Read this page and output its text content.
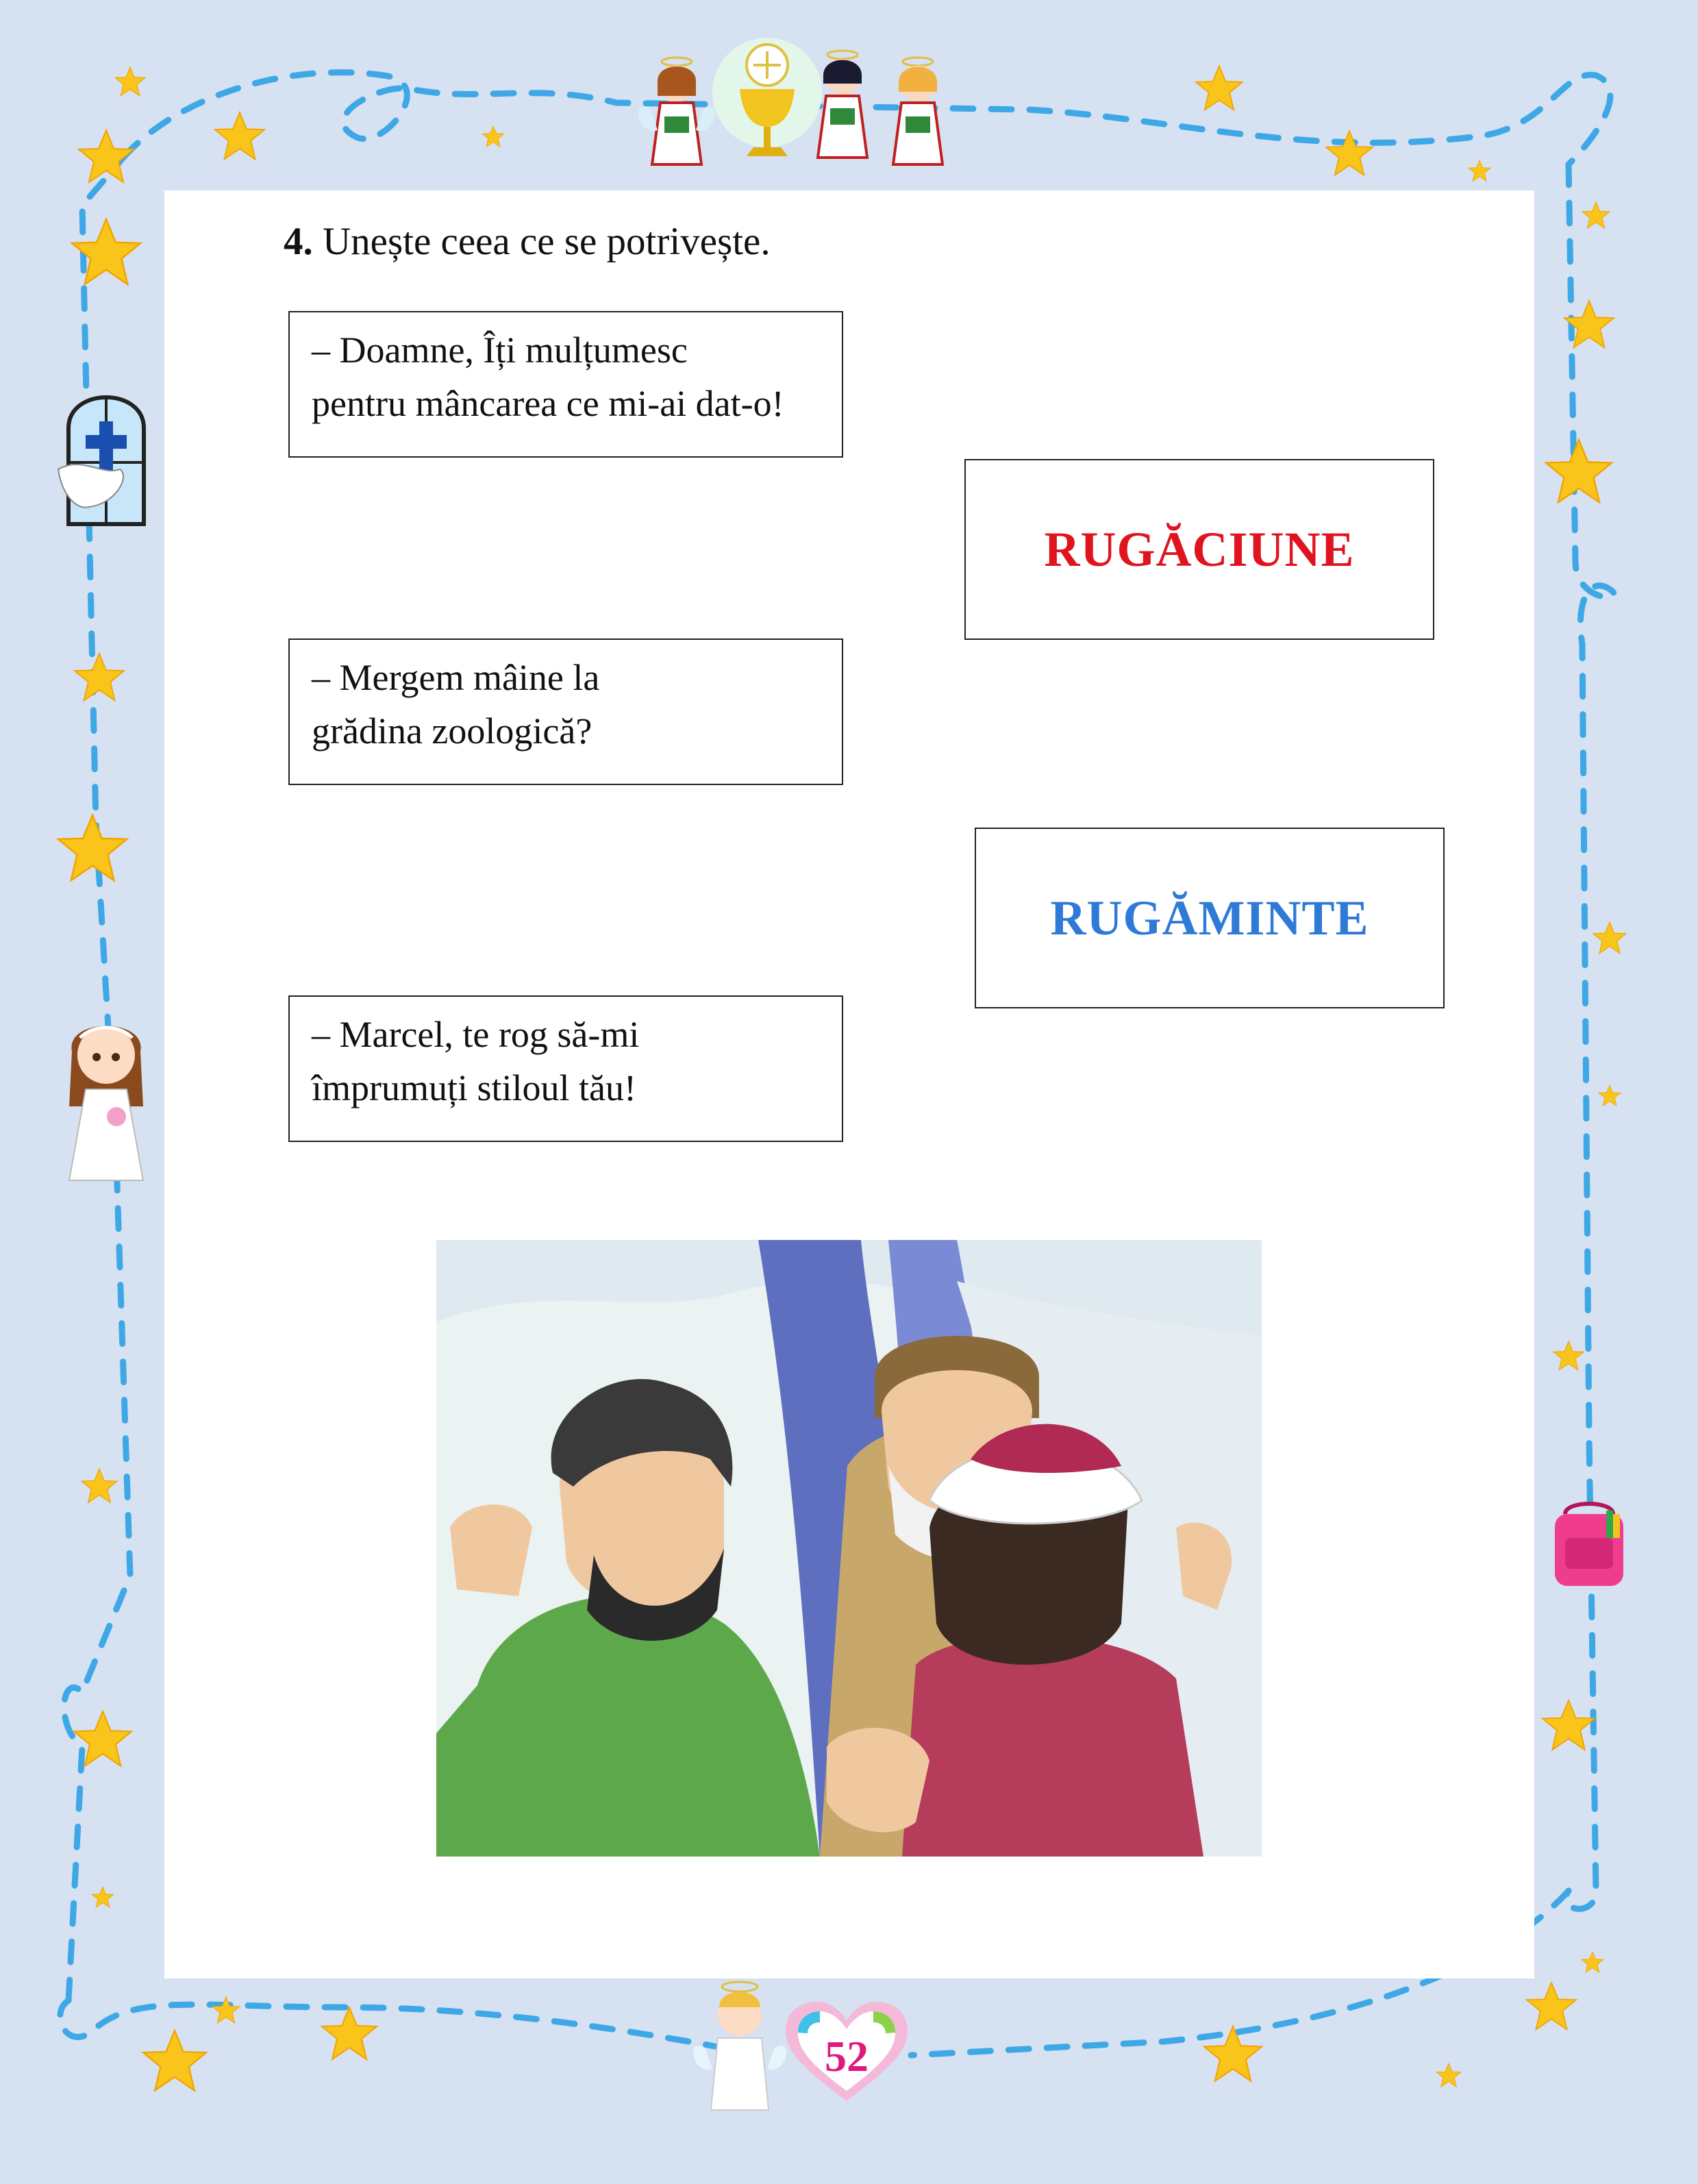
52
4. Unește ceea ce se potrivește.
– Doamne, Îți mulțumesc
pentru mâncarea ce mi-ai dat-o!
– Mergem mâine la
grădina zoologică?
– Marcel, te rog să-mi
împrumuți stiloul tău!
RUGĂCIUNE
RUGĂMINTE
